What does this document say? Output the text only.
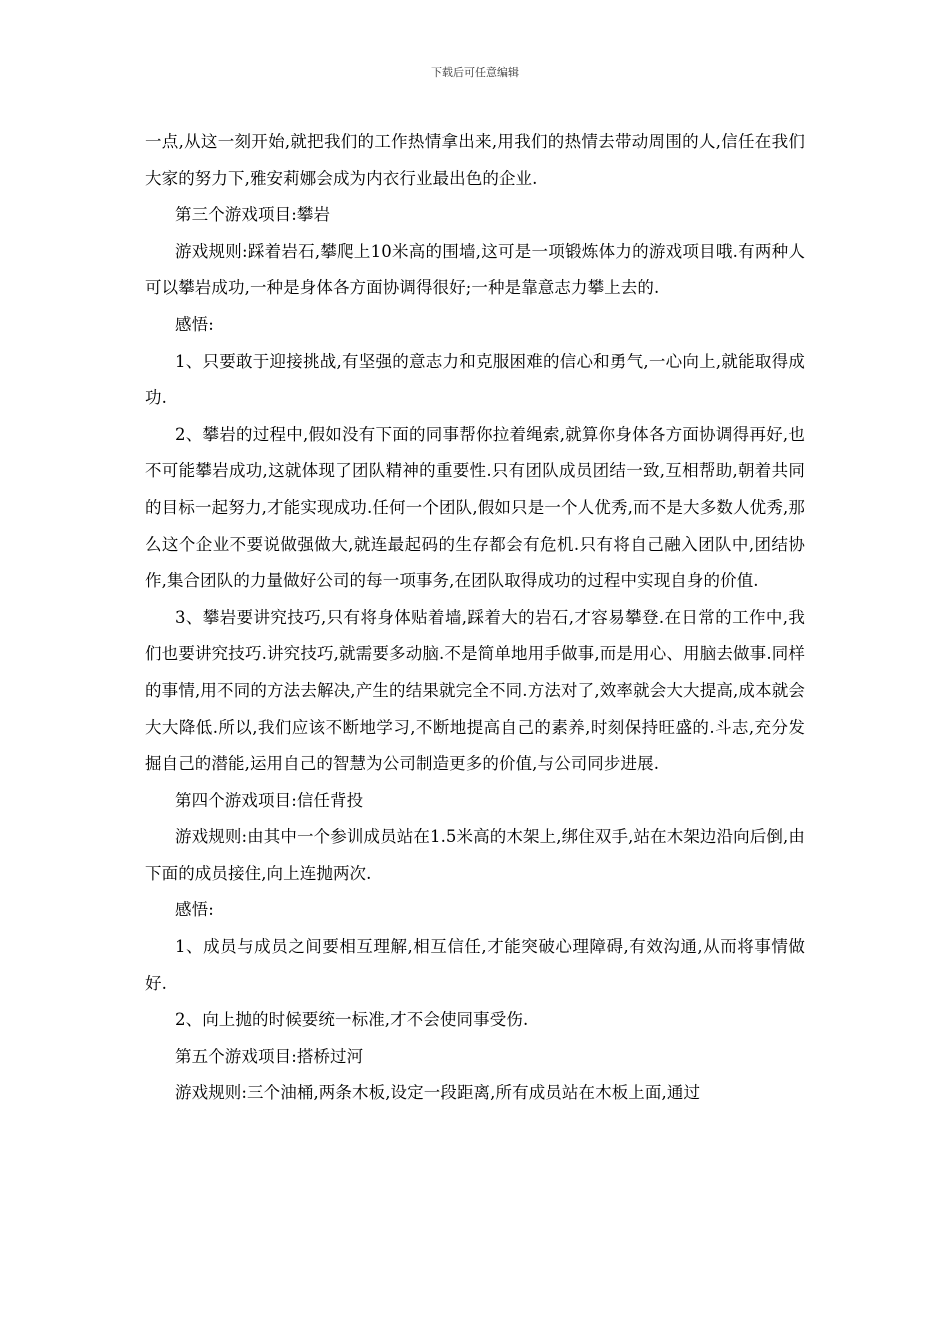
下载后可任意编辑

一点,从这一刻开始,就把我们的工作热情拿出来,用我们的热情去带动周围的人,信任在我们大家的努力下,雅安莉娜会成为内衣行业最出色的企业.

第三个游戏项目:攀岩

游戏规则:踩着岩石,攀爬上10米高的围墙,这可是一项锻炼体力的游戏项目哦.有两种人可以攀岩成功,一种是身体各方面协调得很好;一种是靠意志力攀上去的.

感悟:

1、只要敢于迎接挑战,有坚强的意志力和克服困难的信心和勇气,一心向上,就能取得成功.

2、攀岩的过程中,假如没有下面的同事帮你拉着绳索,就算你身体各方面协调得再好,也不可能攀岩成功,这就体现了团队精神的重要性.只有团队成员团结一致,互相帮助,朝着共同的目标一起努力,才能实现成功.任何一个团队,假如只是一个人优秀,而不是大多数人优秀,那么这个企业不要说做强做大,就连最起码的生存都会有危机.只有将自己融入团队中,团结协作,集合团队的力量做好公司的每一项事务,在团队取得成功的过程中实现自身的价值.

3、攀岩要讲究技巧,只有将身体贴着墙,踩着大的岩石,才容易攀登.在日常的工作中,我们也要讲究技巧.讲究技巧,就需要多动脑.不是简单地用手做事,而是用心、用脑去做事.同样的事情,用不同的方法去解决,产生的结果就完全不同.方法对了,效率就会大大提高,成本就会大大降低.所以,我们应该不断地学习,不断地提高自己的素养,时刻保持旺盛的.斗志,充分发掘自己的潜能,运用自己的智慧为公司制造更多的价值,与公司同步进展.

第四个游戏项目:信任背投

游戏规则:由其中一个参训成员站在1.5米高的木架上,绑住双手,站在木架边沿向后倒,由下面的成员接住,向上连抛两次.

感悟:

1、成员与成员之间要相互理解,相互信任,才能突破心理障碍,有效沟通,从而将事情做好.

2、向上抛的时候要统一标准,才不会使同事受伤.

第五个游戏项目:搭桥过河

游戏规则:三个油桶,两条木板,设定一段距离,所有成员站在木板上面,通过
